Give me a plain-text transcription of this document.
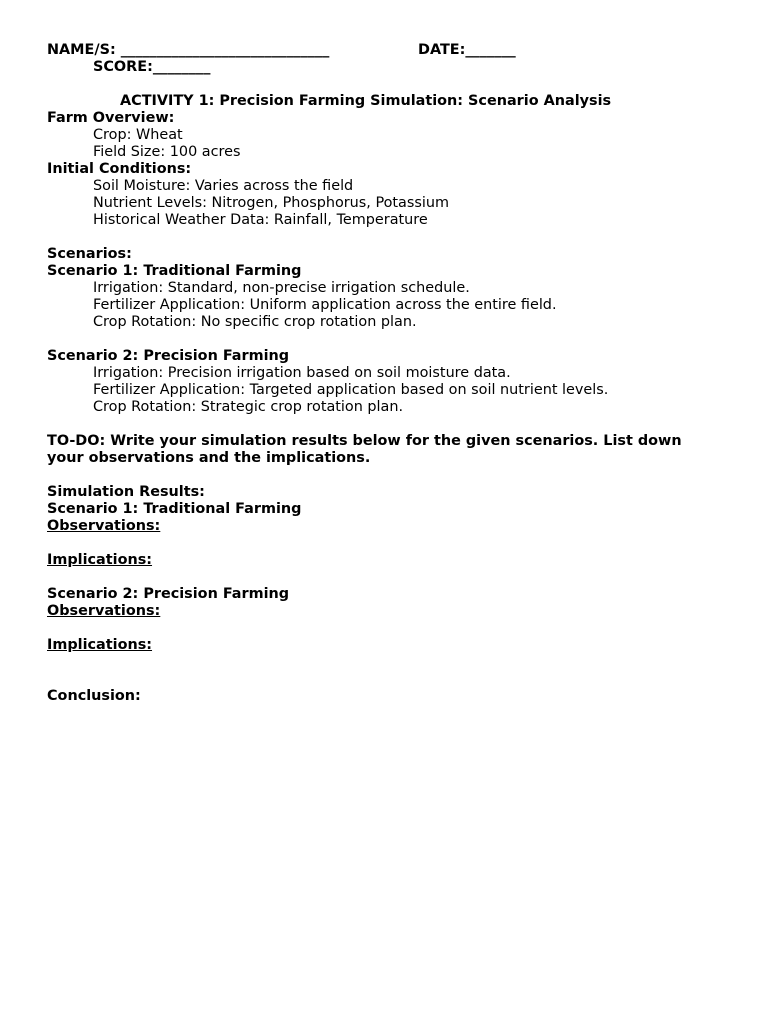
NAME/S: _____________________________	DATE:_______
SCORE:________
ACTIVITY 1: Precision Farming Simulation: Scenario Analysis
Farm Overview:
Crop: Wheat
Field Size: 100 acres
Initial Conditions:
Soil Moisture: Varies across the field
Nutrient Levels: Nitrogen, Phosphorus, Potassium
Historical Weather Data: Rainfall, Temperature
Scenarios:
Scenario 1: Traditional Farming
Irrigation: Standard, non-precise irrigation schedule.
Fertilizer Application: Uniform application across the entire field.
Crop Rotation: No specific crop rotation plan.
Scenario 2: Precision Farming
Irrigation: Precision irrigation based on soil moisture data.
Fertilizer Application: Targeted application based on soil nutrient levels.
Crop Rotation: Strategic crop rotation plan.
TO-DO: Write your simulation results below for the given scenarios. List down your observations and the implications.
Simulation Results:
Scenario 1: Traditional Farming
Observations:
Implications:
Scenario 2: Precision Farming
Observations:
Implications:
Conclusion:
